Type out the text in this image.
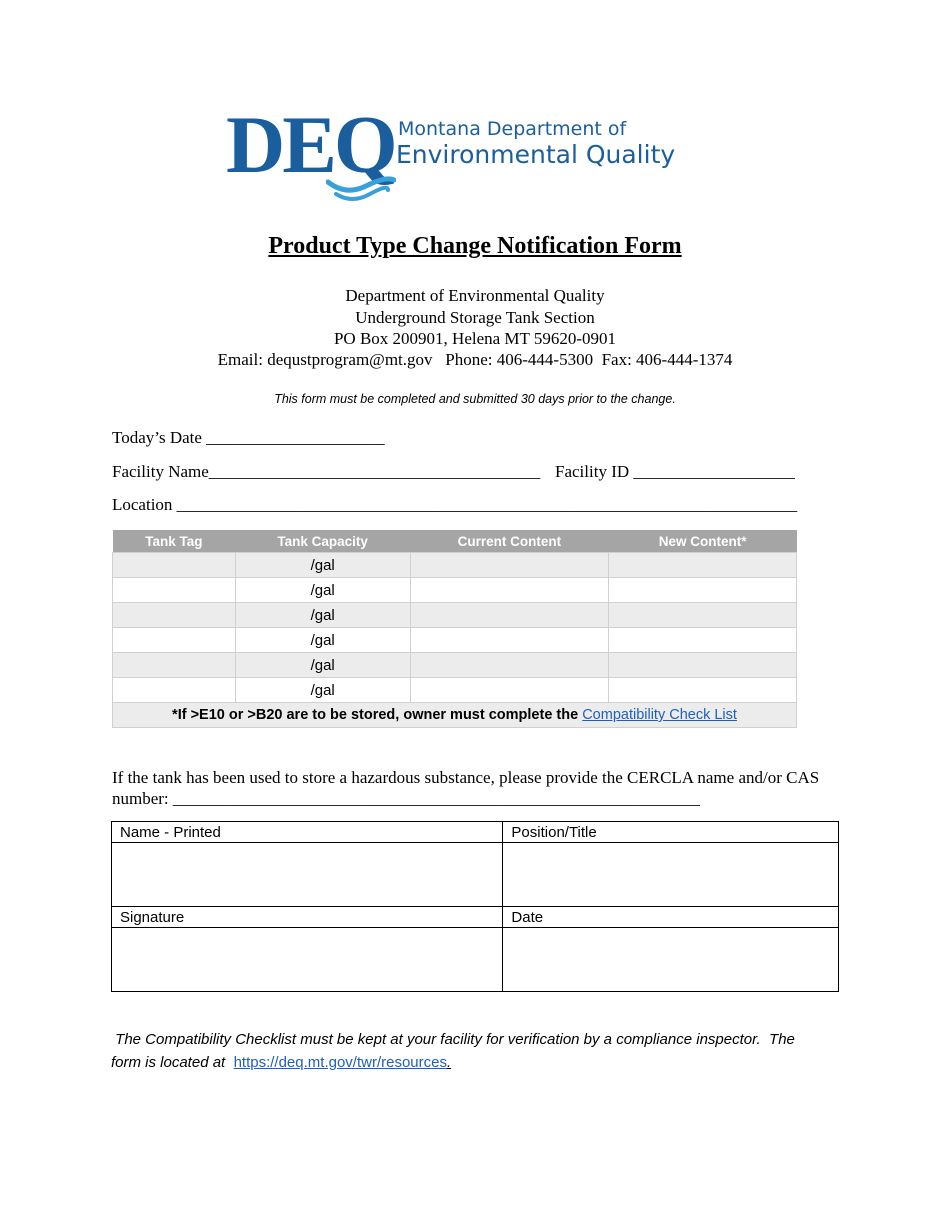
DEQ Montana Department of
Environmental Quality
Product Type Change Notification Form
Department of Environmental Quality
Underground Storage Tank Section
PO Box 200901, Helena MT 59620-0901
Email: dequstprogram@mt.gov   Phone: 406-444-5300  Fax: 406-444-1374
This form must be completed and submitted 30 days prior to the change.
Today’s Date _____________________
Facility Name_______________________________________ Facility ID ___________________
Location _________________________________________________________________________
Tank Tag	Tank Capacity	Current Content	New Content*
	/gal		
	/gal		
	/gal		
	/gal		
	/gal		
	/gal		
*If >E10 or >B20 are to be stored, owner must complete the Compatibility Check List			
If the tank has been used to store a hazardous substance, please provide the CERCLA name and/or CAS
number: ______________________________________________________________
Name - Printed	Position/Title

Signature	Date

The Compatibility Checklist must be kept at your facility for verification by a compliance inspector.  The
form is located at  https://deq.mt.gov/twr/resources.
